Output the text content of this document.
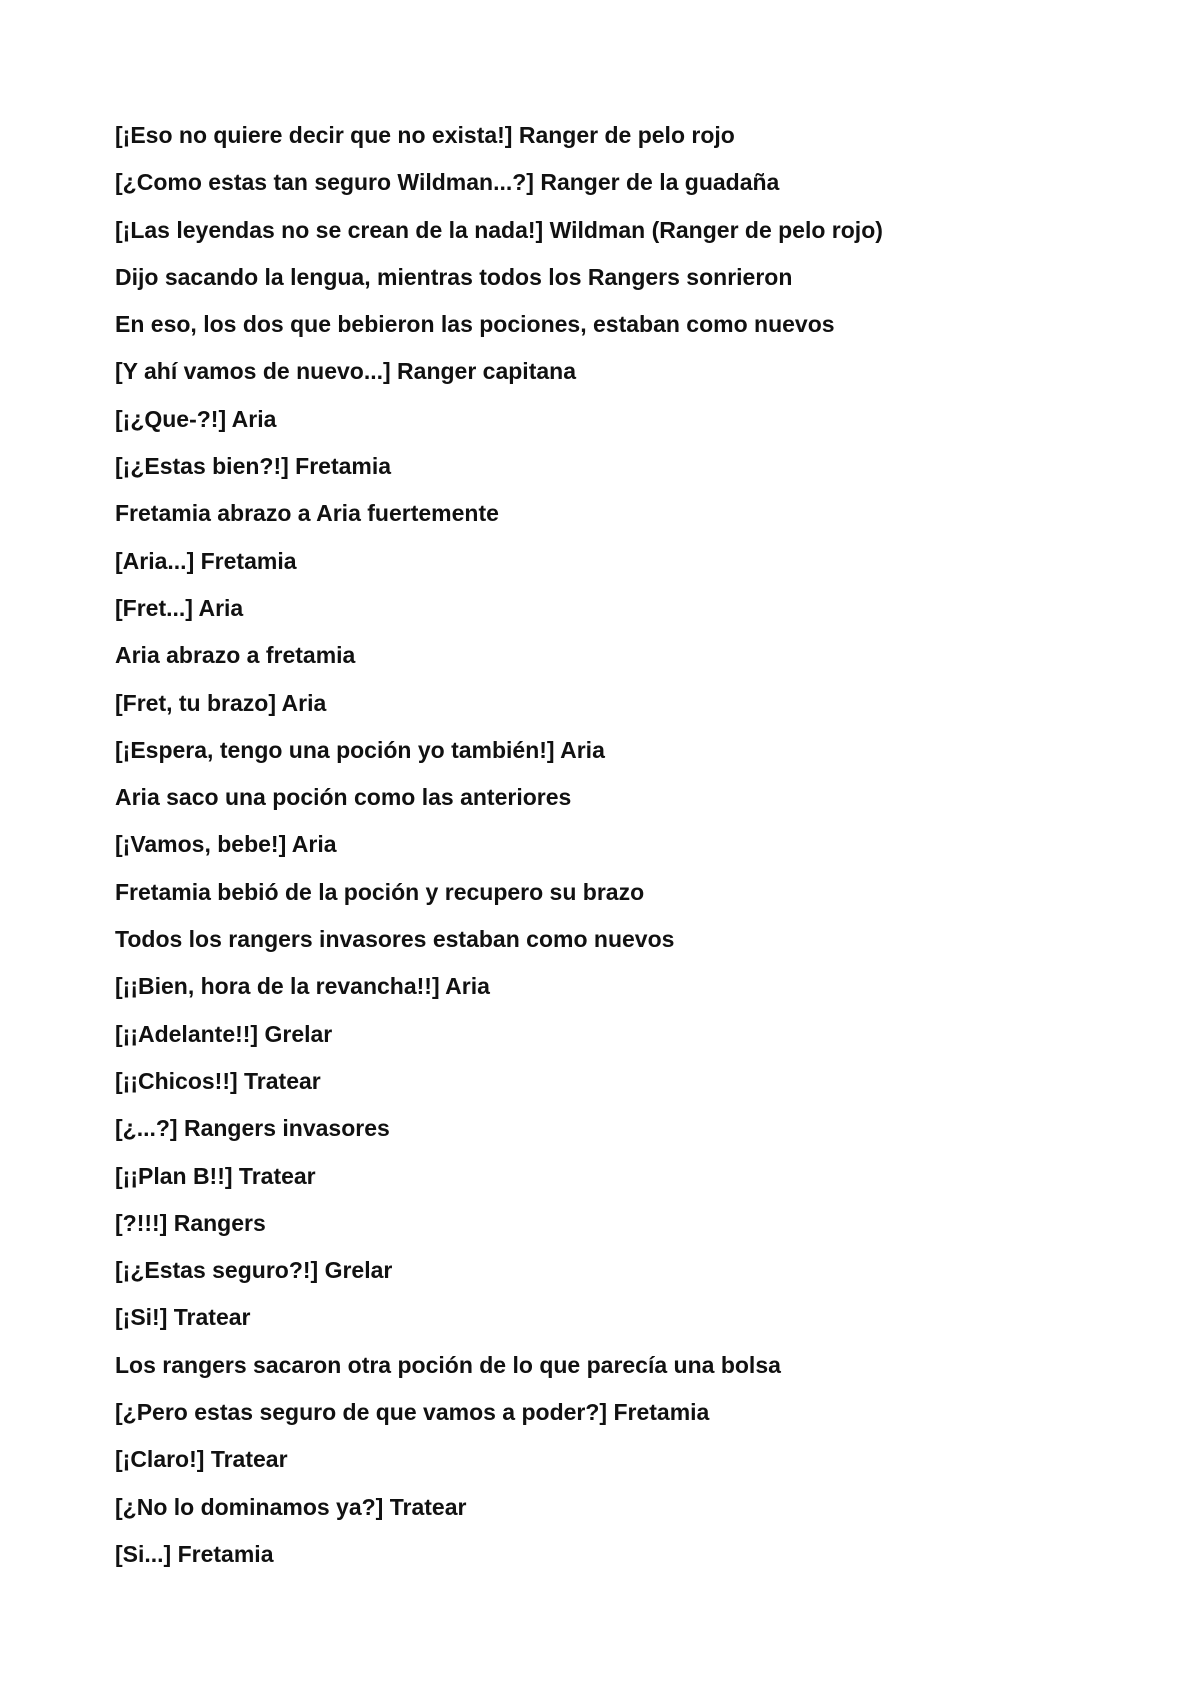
[¡Eso no quiere decir que no exista!] Ranger de pelo rojo
[¿Como estas tan seguro Wildman...?] Ranger de la guadaña
[¡Las leyendas no se crean de la nada!] Wildman (Ranger de pelo rojo)
Dijo sacando la lengua, mientras todos los Rangers sonrieron
En eso, los dos que bebieron las pociones, estaban como nuevos
[Y ahí vamos de nuevo...] Ranger capitana
[¡¿Que-?!] Aria
[¡¿Estas bien?!] Fretamia
Fretamia abrazo a Aria fuertemente
[Aria...] Fretamia
[Fret...] Aria
Aria abrazo a fretamia
[Fret, tu brazo] Aria
[¡Espera, tengo una poción yo también!] Aria
Aria saco una poción como las anteriores
[¡Vamos, bebe!] Aria
Fretamia bebió de la poción y recupero su brazo
Todos los rangers invasores estaban como nuevos
[¡¡Bien, hora de la revancha!!] Aria
[¡¡Adelante!!] Grelar
[¡¡Chicos!!] Tratear
[¿...?] Rangers invasores
[¡¡Plan B!!] Tratear
[?!!!] Rangers
[¡¿Estas seguro?!] Grelar
[¡Si!] Tratear
Los rangers sacaron otra poción de lo que parecía una bolsa
[¿Pero estas seguro de que vamos a poder?] Fretamia
[¡Claro!] Tratear
[¿No lo dominamos ya?] Tratear
[Si...] Fretamia
